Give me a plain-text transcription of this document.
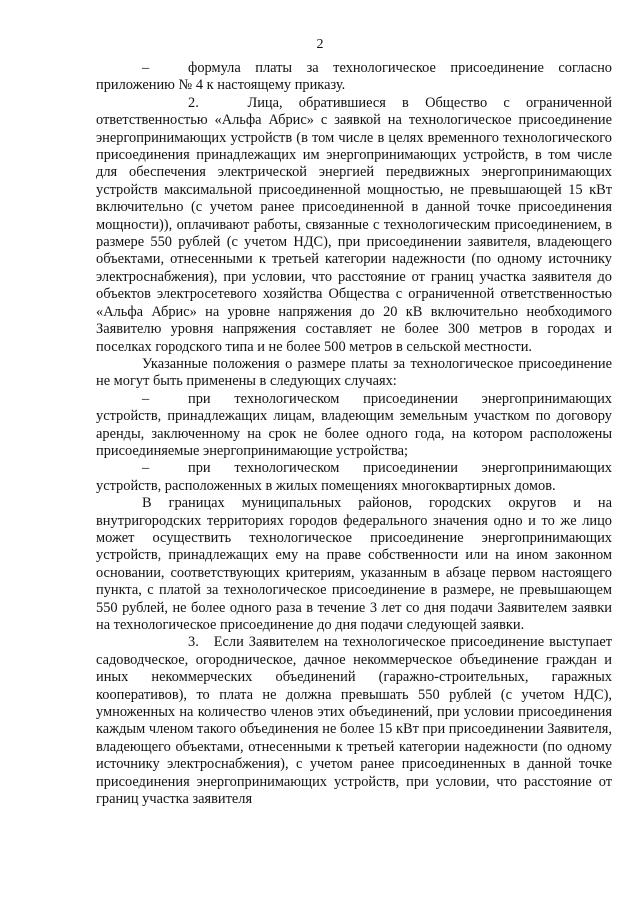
2

–	формула платы за технологическое присоединение согласно приложению № 4 к настоящему приказу.

2.	Лица, обратившиеся в Общество с ограниченной ответственностью «Альфа Абрис» с заявкой на технологическое присоединение энергопринимающих устройств (в том числе в целях временного технологического присоединения принадлежащих им энергопринимающих устройств, в том числе для обеспечения электрической энергией передвижных энергопринимающих устройств максимальной присоединенной мощностью, не превышающей 15 кВт включительно (с учетом ранее присоединенной в данной точке присоединения мощности)), оплачивают работы, связанные с технологическим присоединением, в размере 550 рублей (с учетом НДС), при присоединении заявителя, владеющего объектами, отнесенными к третьей категории надежности (по одному источнику электроснабжения), при условии, что расстояние от границ участка заявителя до объектов электросетевого хозяйства Общества с ограниченной ответственностью «Альфа Абрис» на уровне напряжения до 20 кВ включительно необходимого Заявителю уровня напряжения составляет не более 300 метров в городах и поселках городского типа и не более 500 метров в сельской местности.

Указанные положения о размере платы за технологическое присоединение не могут быть применены в следующих случаях:

–	при технологическом присоединении энергопринимающих устройств, принадлежащих лицам, владеющим земельным участком по договору аренды, заключенному на срок не более одного года, на котором расположены присоединяемые энергопринимающие устройства;

–	при технологическом присоединении энергопринимающих устройств, расположенных в жилых помещениях многоквартирных домов.

В границах муниципальных районов, городских округов и на внутригородских территориях городов федерального значения одно и то же лицо может осуществить технологическое присоединение энергопринимающих устройств, принадлежащих ему на праве собственности или на ином законном основании, соответствующих критериям, указанным в абзаце первом настоящего пункта, с платой за технологическое присоединение в размере, не превышающем 550 рублей, не более одного раза в течение 3 лет со дня подачи Заявителем заявки на технологическое присоединение до дня подачи следующей заявки.

3. Если Заявителем на технологическое присоединение выступает садоводческое, огородническое, дачное некоммерческое объединение граждан и иных некоммерческих объединений (гаражно-строительных, гаражных кооперативов), то плата не должна превышать 550 рублей (с учетом НДС), умноженных на количество членов этих объединений, при условии присоединения каждым членом такого объединения не более 15 кВт при присоединении Заявителя, владеющего объектами, отнесенными к третьей категории надежности (по одному источнику электроснабжения), с учетом ранее присоединенных в данной точке присоединения энергопринимающих устройств, при условии, что расстояние от границ участка заявителя
